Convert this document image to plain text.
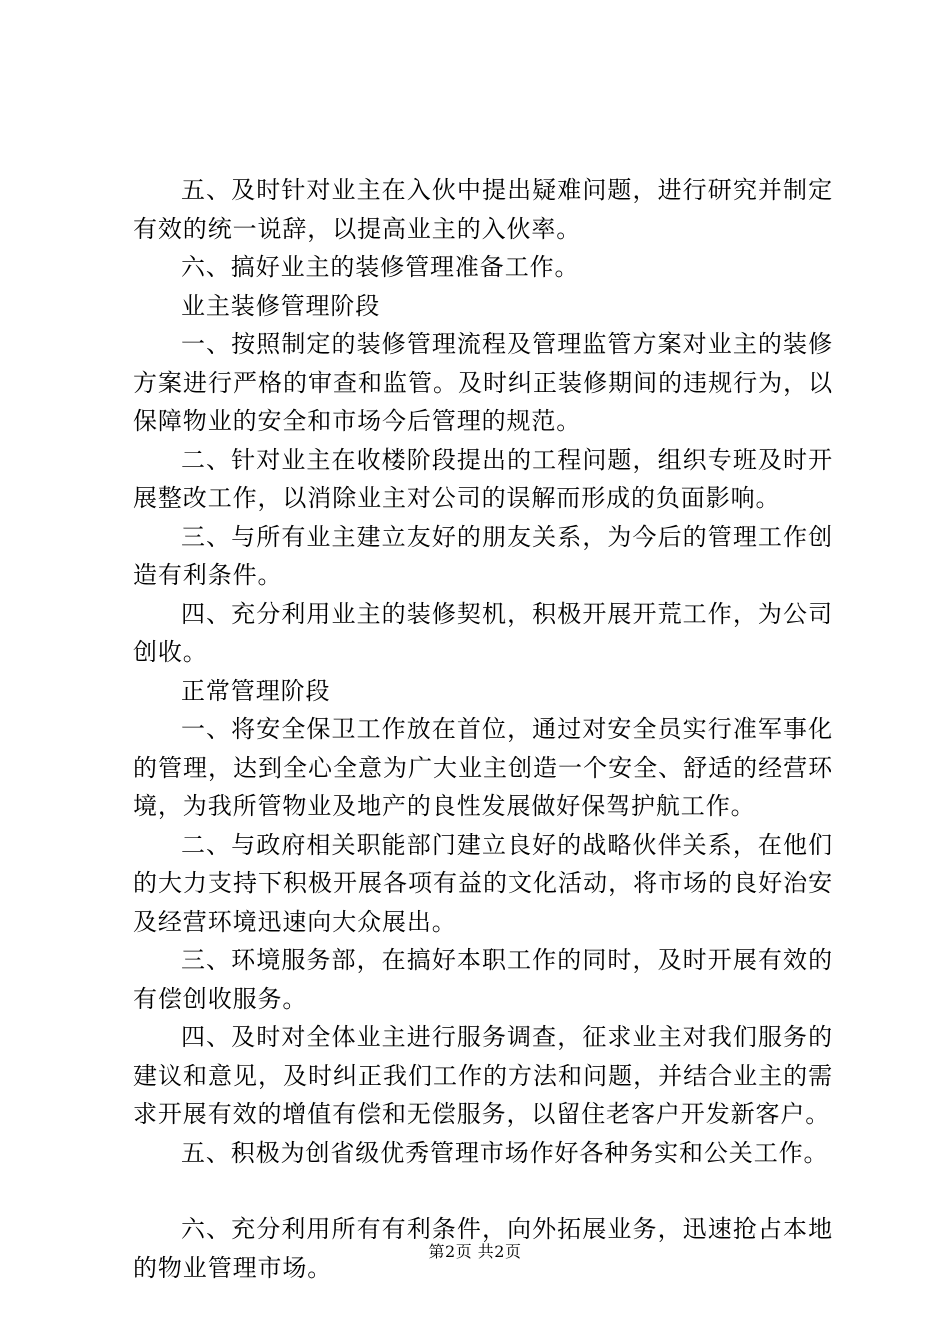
五、及时针对业主在入伙中提出疑难问题，进行研究并制定有效的统一说辞，以提高业主的入伙率。

六、搞好业主的装修管理准备工作。

业主装修管理阶段

一、按照制定的装修管理流程及管理监管方案对业主的装修方案进行严格的审查和监管。及时纠正装修期间的违规行为，以保障物业的安全和市场今后管理的规范。

二、针对业主在收楼阶段提出的工程问题，组织专班及时开展整改工作，以消除业主对公司的误解而形成的负面影响。

三、与所有业主建立友好的朋友关系，为今后的管理工作创造有利条件。

四、充分利用业主的装修契机，积极开展开荒工作，为公司创收。

正常管理阶段

一、将安全保卫工作放在首位，通过对安全员实行准军事化的管理，达到全心全意为广大业主创造一个安全、舒适的经营环境，为我所管物业及地产的良性发展做好保驾护航工作。

二、与政府相关职能部门建立良好的战略伙伴关系，在他们的大力支持下积极开展各项有益的文化活动，将市场的良好治安及经营环境迅速向大众展出。

三、环境服务部，在搞好本职工作的同时，及时开展有效的有偿创收服务。

四、及时对全体业主进行服务调查，征求业主对我们服务的建议和意见，及时纠正我们工作的方法和问题，并结合业主的需求开展有效的增值有偿和无偿服务，以留住老客户开发新客户。

五、积极为创省级优秀管理市场作好各种务实和公关工作。

六、充分利用所有有利条件，向外拓展业务，迅速抢占本地的物业管理市场。

第2页 共2页
